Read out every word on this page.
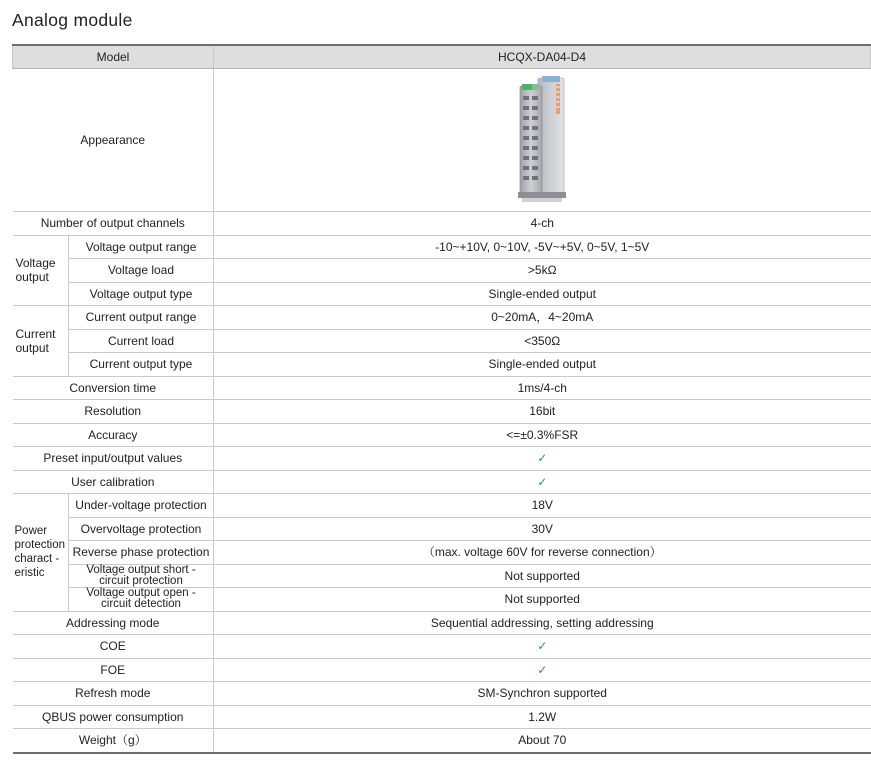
Analog module
Model		HCQX-DA04-D4
Appearance	

Number of output channels		4-ch
Voltage output	Voltage output range	-10~+10V, 0~10V, -5V~+5V, 0~5V, 1~5V
	Voltage load	>5kΩ
	Voltage output type	Single-ended output
Current output	Current output range	0~20mA，4~20mA
	Current load	<350Ω
	Current output type	Single-ended output
Conversion time		1ms/4-ch
Resolution		16bit
Accuracy		<=±0.3%FSR
Preset input/output values		✓
User calibration		✓
Power protection charact -eristic	Under-voltage protection	18V
	Overvoltage protection	30V
	Reverse phase protection	（max. voltage 60V for reverse connection）
	Voltage output short -circuit protection	Not supported
	Voltage output open -circuit detection	Not supported
Addressing mode		Sequential addressing, setting addressing
COE		✓
FOE		✓
Refresh mode		SM-Synchron supported
QBUS power consumption		1.2W
Weight（g）		About 70
